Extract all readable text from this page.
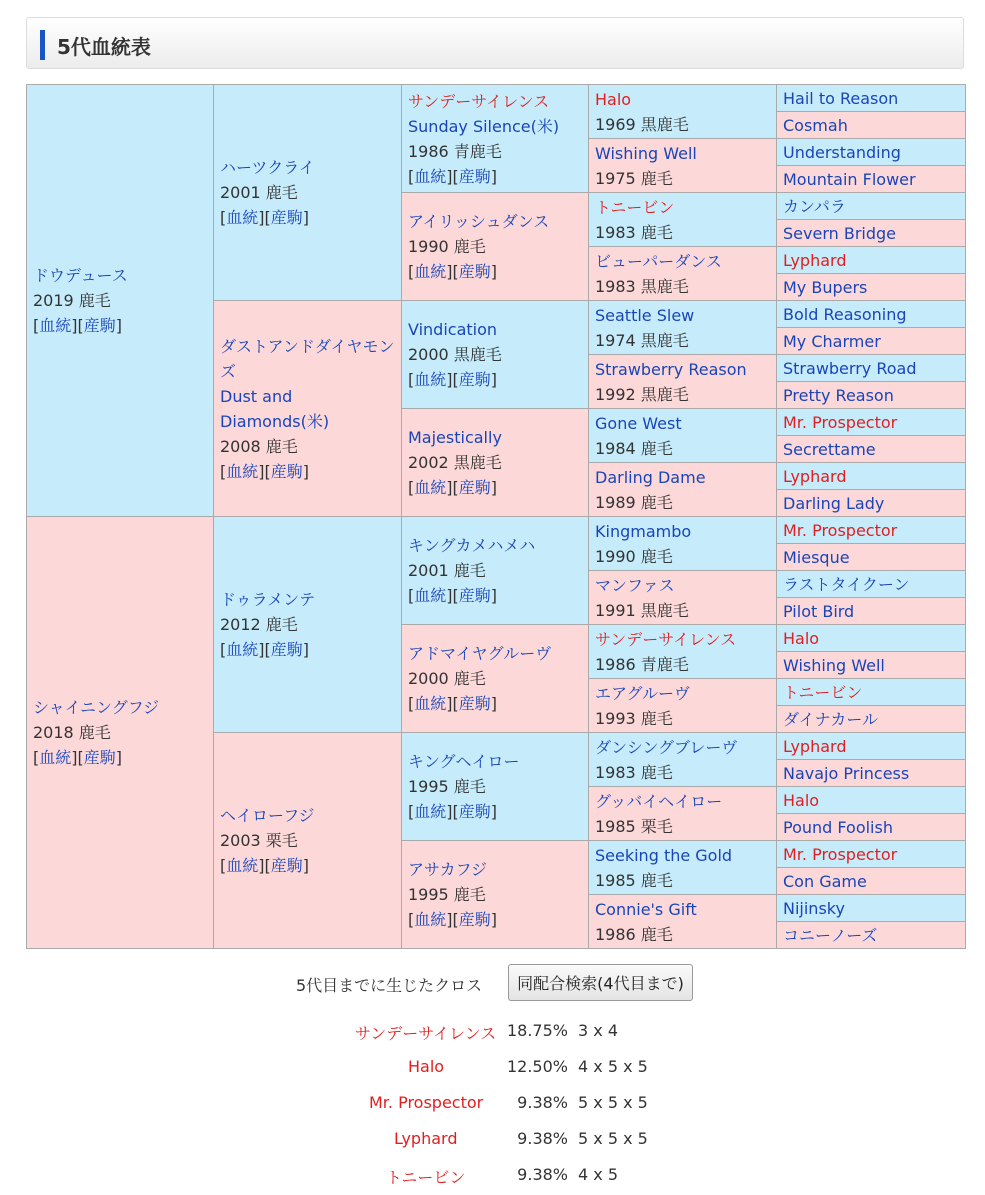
5代血統表
ドウデュース
2019 鹿毛
[血統][産駒]	ハーツクライ
2001 鹿毛
[血統][産駒]	サンデーサイレンス
Sunday Silence(米)
1986 青鹿毛
[血統][産駒]	Halo
1969 黒鹿毛	Hail to Reason
				Cosmah
			Wishing Well
1975 鹿毛	Understanding
				Mountain Flower
		アイリッシュダンス
1990 鹿毛
[血統][産駒]	トニービン
1983 鹿毛	カンパラ
				Severn Bridge
			ビューパーダンス
1983 黒鹿毛	Lyphard
				My Bupers
	ダストアンドダイヤモンズ
Dust and Diamonds(米)
2008 鹿毛
[血統][産駒]	Vindication
2000 黒鹿毛
[血統][産駒]	Seattle Slew
1974 黒鹿毛	Bold Reasoning
				My Charmer
			Strawberry Reason
1992 黒鹿毛	Strawberry Road
				Pretty Reason
		Majestically
2002 黒鹿毛
[血統][産駒]	Gone West
1984 鹿毛	Mr. Prospector
				Secrettame
			Darling Dame
1989 鹿毛	Lyphard
				Darling Lady
シャイニングフジ
2018 鹿毛
[血統][産駒]	ドゥラメンテ
2012 鹿毛
[血統][産駒]	キングカメハメハ
2001 鹿毛
[血統][産駒]	Kingmambo
1990 鹿毛	Mr. Prospector
				Miesque
			マンファス
1991 黒鹿毛	ラストタイクーン
				Pilot Bird
		アドマイヤグルーヴ
2000 鹿毛
[血統][産駒]	サンデーサイレンス
1986 青鹿毛	Halo
				Wishing Well
			エアグルーヴ
1993 鹿毛	トニービン
				ダイナカール
	ヘイローフジ
2003 栗毛
[血統][産駒]	キングヘイロー
1995 鹿毛
[血統][産駒]	ダンシングブレーヴ
1983 鹿毛	Lyphard
				Navajo Princess
			グッバイヘイロー
1985 栗毛	Halo
				Pound Foolish
		アサカフジ
1995 鹿毛
[血統][産駒]	Seeking the Gold
1985 鹿毛	Mr. Prospector
				Con Game
			Connie's Gift
1986 鹿毛	Nijinsky
				コニーノーズ
5代目までに生じたクロス	同配合検索(4代目まで)
サンデーサイレンス 18.75% 3 x 4
Halo	12.50% 4 x 5 x 5
Mr. Prospector	9.38% 5 x 5 x 5
Lyphard	9.38% 5 x 5 x 5
トニービン	9.38% 4 x 5
